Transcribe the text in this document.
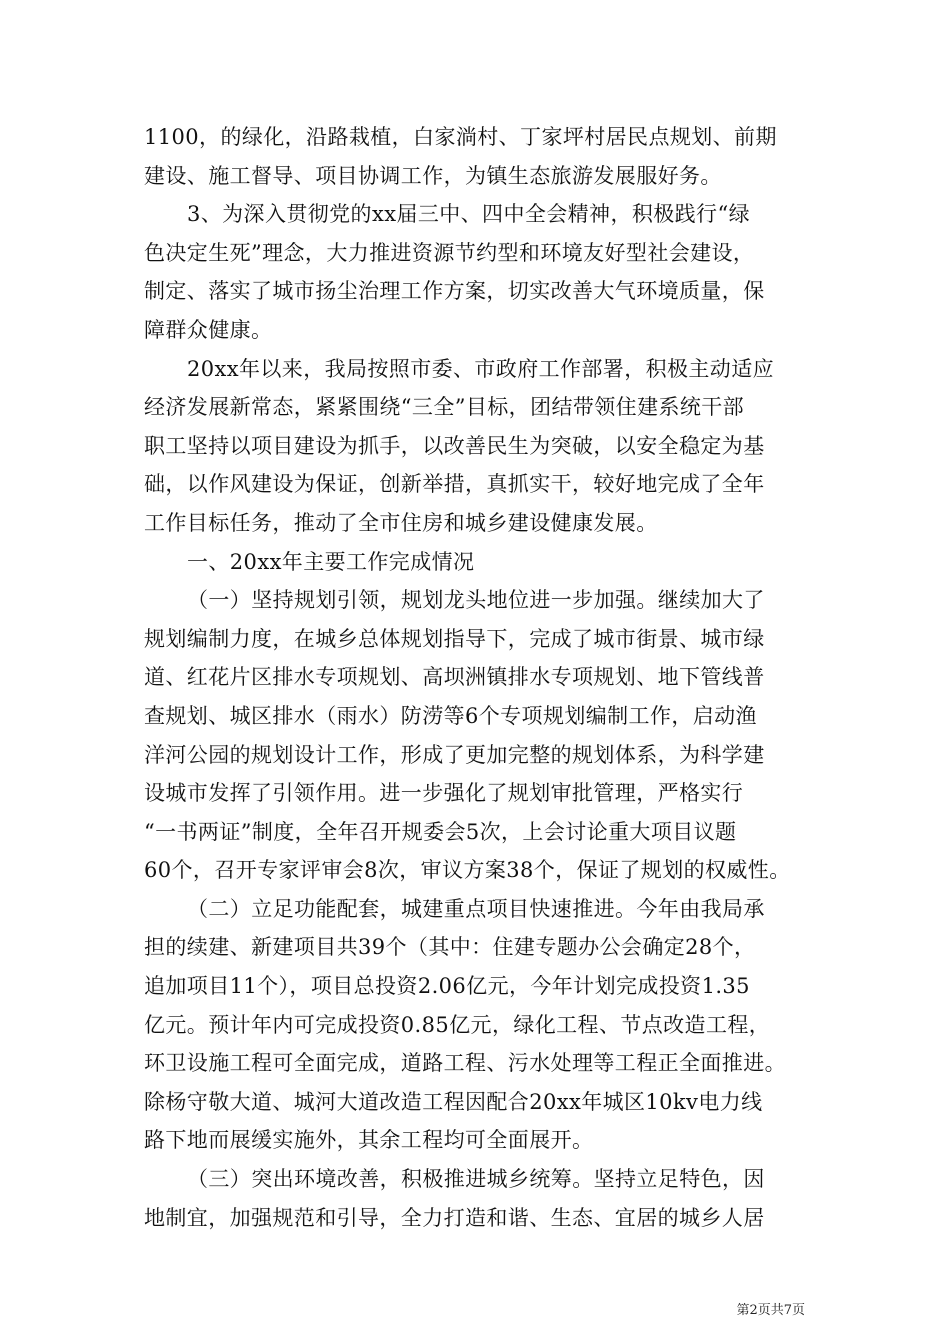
1100，的绿化，沿路栽植，白家淌村、丁家坪村居民点规划、前期
建设、施工督导、项目协调工作，为镇生态旅游发展服好务。
3、为深入贯彻党的xx届三中、四中全会精神，积极践行“绿
色决定生死”理念，大力推进资源节约型和环境友好型社会建设，
制定、落实了城市扬尘治理工作方案，切实改善大气环境质量，保
障群众健康。
20xx年以来，我局按照市委、市政府工作部署，积极主动适应
经济发展新常态，紧紧围绕“三全”目标，团结带领住建系统干部
职工坚持以项目建设为抓手，以改善民生为突破，以安全稳定为基
础，以作风建设为保证，创新举措，真抓实干，较好地完成了全年
工作目标任务，推动了全市住房和城乡建设健康发展。
一、20xx年主要工作完成情况
（一）坚持规划引领，规划龙头地位进一步加强。继续加大了
规划编制力度，在城乡总体规划指导下，完成了城市街景、城市绿
道、红花片区排水专项规划、高坝洲镇排水专项规划、地下管线普
查规划、城区排水（雨水）防涝等6个专项规划编制工作，启动渔
洋河公园的规划设计工作，形成了更加完整的规划体系，为科学建
设城市发挥了引领作用。进一步强化了规划审批管理，严格实行
“一书两证”制度，全年召开规委会5次，上会讨论重大项目议题
60个，召开专家评审会8次，审议方案38个，保证了规划的权威性。
（二）立足功能配套，城建重点项目快速推进。今年由我局承
担的续建、新建项目共39个（其中：住建专题办公会确定28个，
追加项目11个），项目总投资2.06亿元，今年计划完成投资1.35
亿元。预计年内可完成投资0.85亿元，绿化工程、节点改造工程，
环卫设施工程可全面完成，道路工程、污水处理等工程正全面推进。
除杨守敬大道、城河大道改造工程因配合20xx年城区10kv电力线
路下地而展缓实施外，其余工程均可全面展开。
（三）突出环境改善，积极推进城乡统筹。坚持立足特色，因
地制宜，加强规范和引导，全力打造和谐、生态、宜居的城乡人居
第2页共7页
